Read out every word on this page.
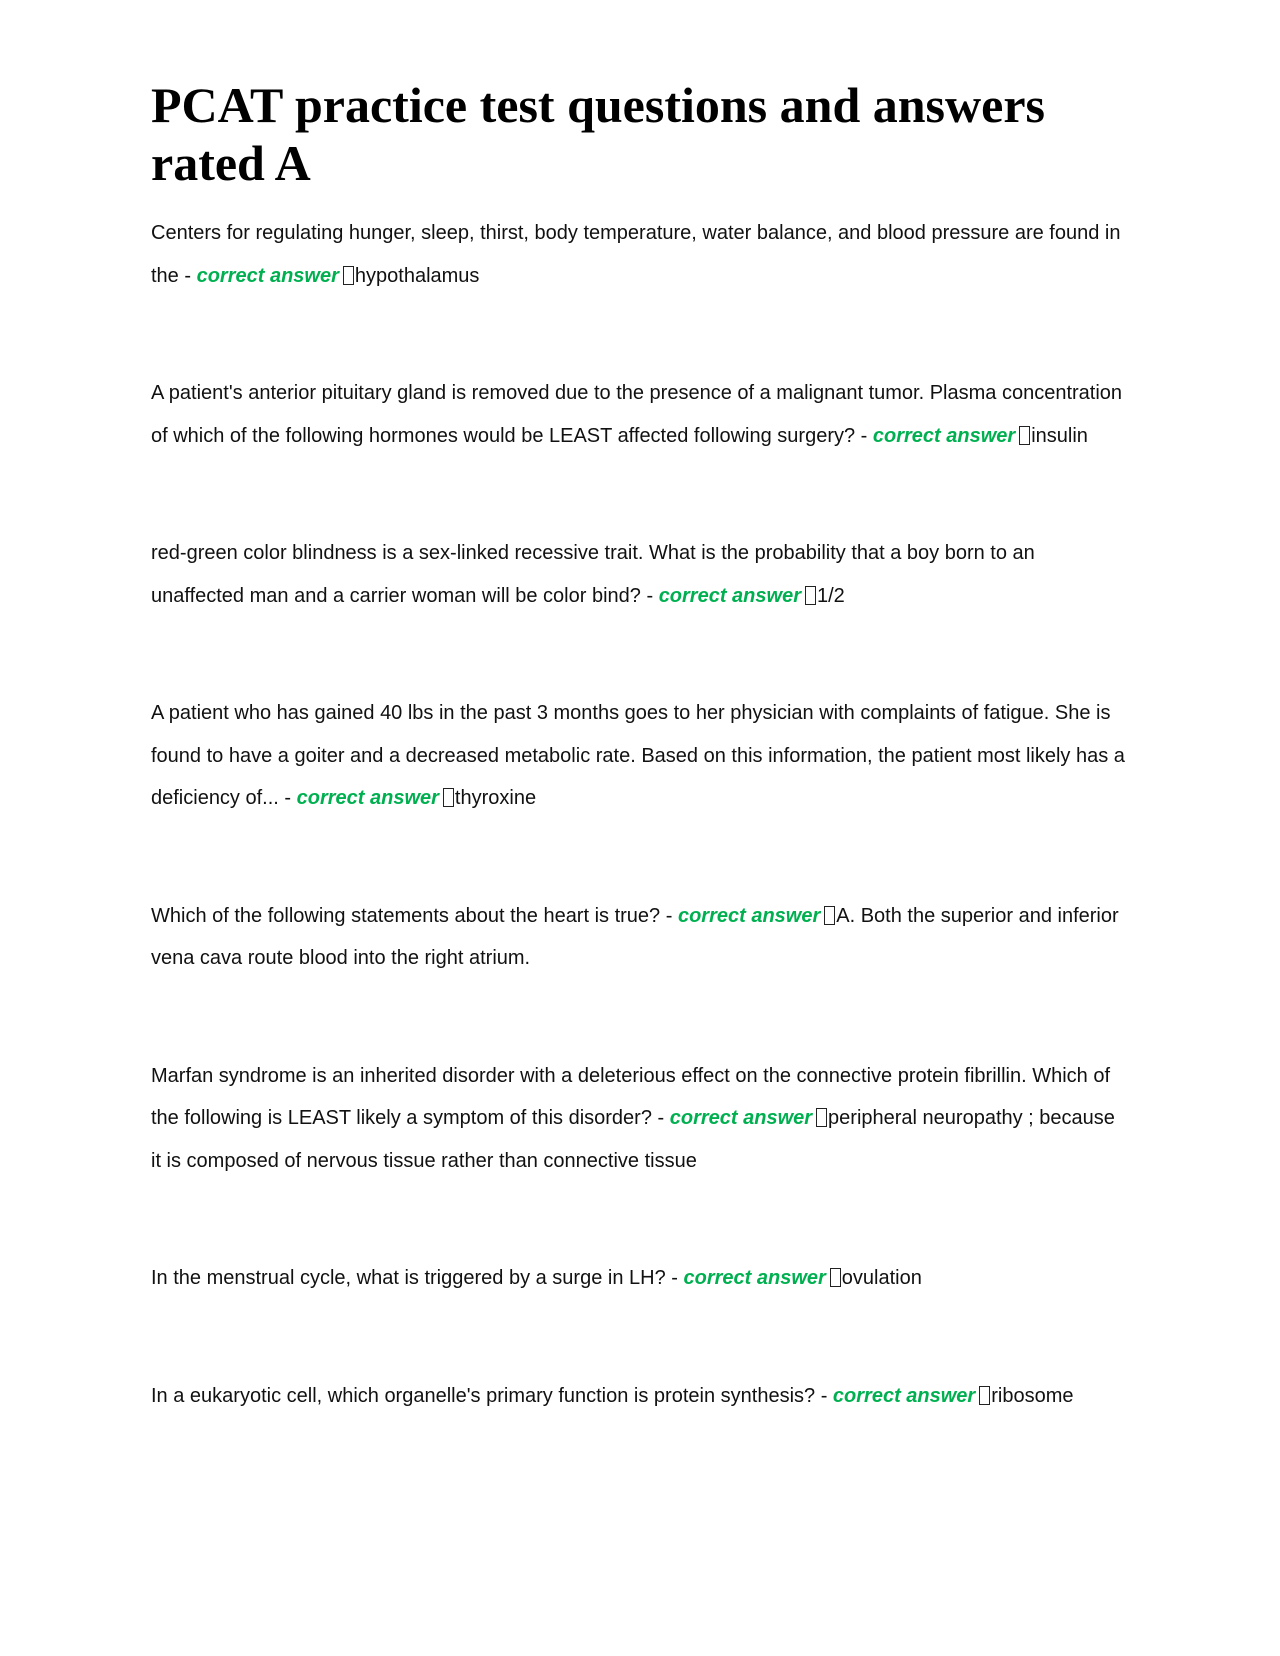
PCAT practice test questions and answers rated A

Centers for regulating hunger, sleep, thirst, body temperature, water balance, and blood pressure are found in the - correct answer hypothalamus

A patient's anterior pituitary gland is removed due to the presence of a malignant tumor. Plasma concentration of which of the following hormones would be LEAST affected following surgery? - correct answer insulin

red-green color blindness is a sex-linked recessive trait. What is the probability that a boy born to an unaffected man and a carrier woman will be color bind? - correct answer 1/2

A patient who has gained 40 lbs in the past 3 months goes to her physician with complaints of fatigue. She is found to have a goiter and a decreased metabolic rate. Based on this information, the patient most likely has a deficiency of... - correct answer thyroxine

Which of the following statements about the heart is true? - correct answer A. Both the superior and inferior vena cava route blood into the right atrium.

Marfan syndrome is an inherited disorder with a deleterious effect on the connective protein fibrillin. Which of the following is LEAST likely a symptom of this disorder? - correct answer peripheral neuropathy ; because it is composed of nervous tissue rather than connective tissue

In the menstrual cycle, what is triggered by a surge in LH? - correct answer ovulation

In a eukaryotic cell, which organelle's primary function is protein synthesis? - correct answer ribosome
